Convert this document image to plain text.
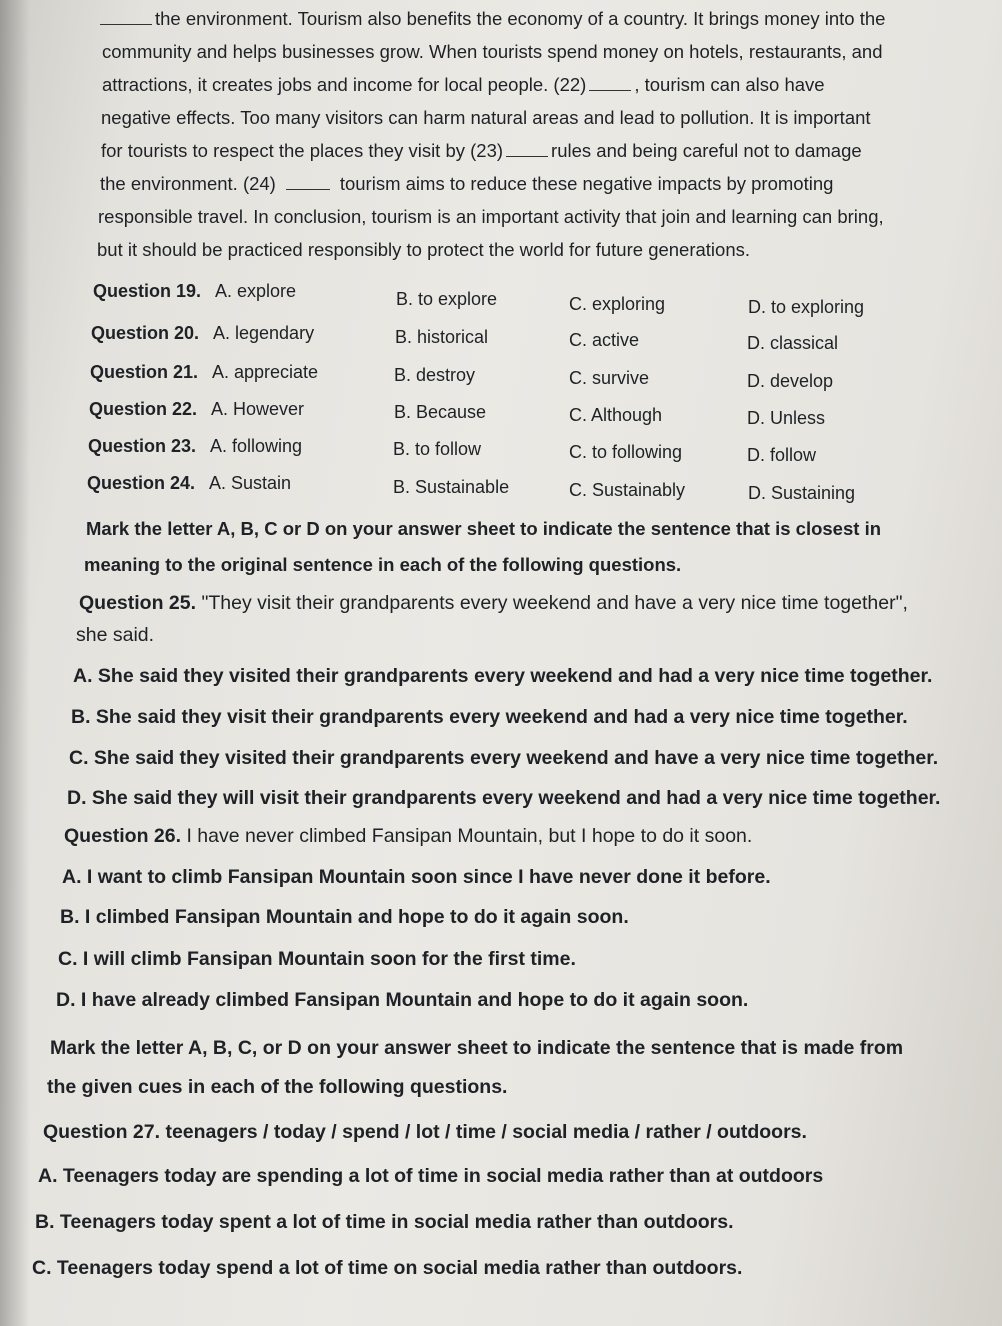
the environment. Tourism also benefits the economy of a country. It brings money into the
community and helps businesses grow. When tourists spend money on hotels, restaurants, and
attractions, it creates jobs and income for local people. (22)	, tourism can also have
negative effects. Too many visitors can harm natural areas and lead to pollution. It is important
for tourists to respect the places they visit by (23)	rules and being careful not to damage
the environment. (24)	tourism aims to reduce these negative impacts by promoting
responsible travel. In conclusion, tourism is an important activity that join and learning can bring,
but it should be practiced responsibly to protect the world for future generations.
Question 19. A. explore	B. to explore	C. exploring	D. to exploring
Question 20. A. legendary	B. historical	C. active	D. classical
Question 21. A. appreciate	B. destroy	C. survive	D. develop
Question 22. A. However	B. Because	C. Although	D. Unless
Question 23. A. following	B. to follow	C. to following	D. follow
Question 24. A. Sustain	B. Sustainable	C. Sustainably	D. Sustaining
Mark the letter A, B, C or D on your answer sheet to indicate the sentence that is closest in
meaning to the original sentence in each of the following questions.
Question 25. "They visit their grandparents every weekend and have a very nice time together",
she said.
A. She said they visited their grandparents every weekend and had a very nice time together.
B. She said they visit their grandparents every weekend and had a very nice time together.
C. She said they visited their grandparents every weekend and have a very nice time together.
D. She said they will visit their grandparents every weekend and had a very nice time together.
Question 26. I have never climbed Fansipan Mountain, but I hope to do it soon.
A. I want to climb Fansipan Mountain soon since I have never done it before.
B. I climbed Fansipan Mountain and hope to do it again soon.
C. I will climb Fansipan Mountain soon for the first time.
D. I have already climbed Fansipan Mountain and hope to do it again soon.
Mark the letter A, B, C, or D on your answer sheet to indicate the sentence that is made from
the given cues in each of the following questions.
Question 27. teenagers / today / spend / lot / time / social media / rather / outdoors.
A. Teenagers today are spending a lot of time in social media rather than at outdoors
B. Teenagers today spent a lot of time in social media rather than outdoors.
C. Teenagers today spend a lot of time on social media rather than outdoors.
